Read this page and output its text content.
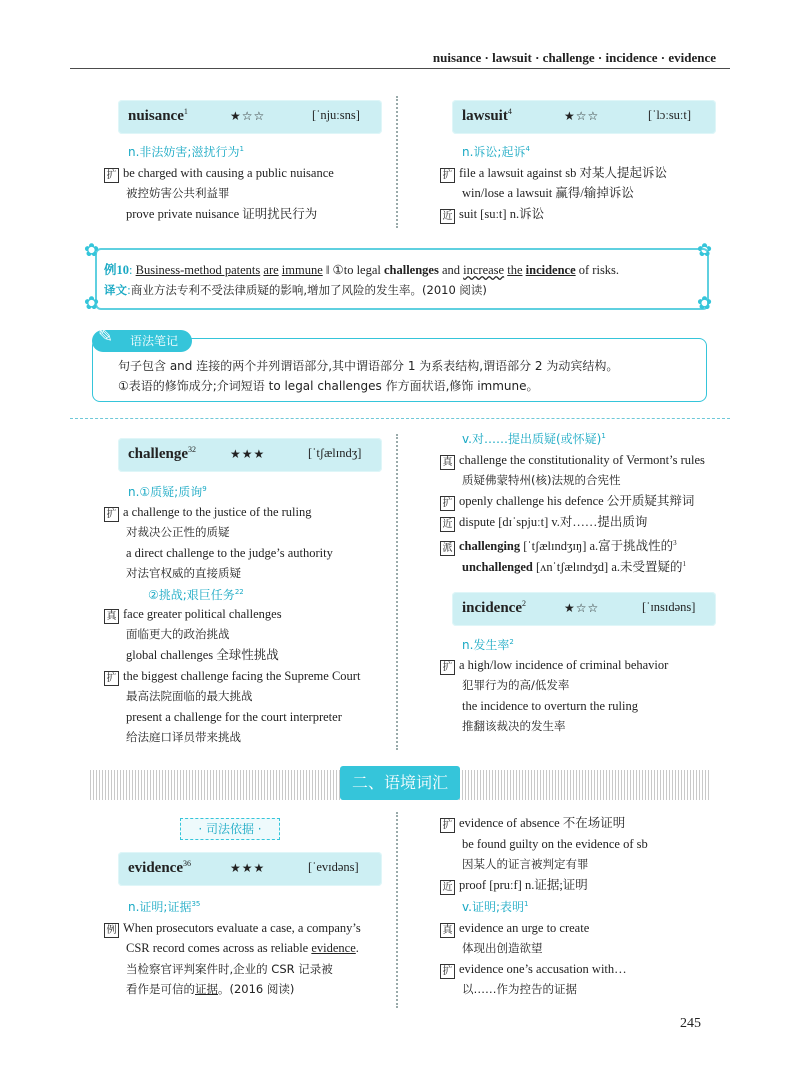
nuisance · lawsuit · challenge · incidence · evidence
nuisance$^1$	★☆☆	[ˈnjuːsns]
n.非法妨害;滋扰行为$^1$
扩 be charged with causing a public nuisance
被控妨害公共利益罪
prove private nuisance 证明扰民行为
lawsuit$^4$	★☆☆	[ˈlɔːsuːt]
n.诉讼;起诉$^4$
扩 file a lawsuit against sb 对某人提起诉讼
win/lose a lawsuit 赢得/输掉诉讼
近 suit [suːt] n.诉讼
✿	✿
✿	✿
例10: Business-method patents are immune ‖ ①to legal challenges and increase the incidence of risks.
译文:商业方法专利不受法律质疑的影响,增加了风险的发生率。(2010 阅读)
语法笔记
✎
句子包含 and 连接的两个并列谓语部分,其中谓语部分 1 为系表结构,谓语部分 2 为动宾结构。
①表语的修饰成分;介词短语 to legal challenges 作方面状语,修饰 immune。
challenge$^{32}$	★★★	[ˈtʃælɪndʒ]
n.①质疑;质询$^9$
扩 a challenge to the justice of the ruling
对裁决公正性的质疑
a direct challenge to the judge’s authority
对法官权威的直接质疑
②挑战;艰巨任务$^{22}$
真 face greater political challenges
面临更大的政治挑战
global challenges 全球性挑战
扩 the biggest challenge facing the Supreme Court
最高法院面临的最大挑战
present a challenge for the court interpreter
给法庭口译员带来挑战
v.对……提出质疑(或怀疑)$^1$
真 challenge the constitutionality of Vermont’s rules
质疑佛蒙特州(核)法规的合宪性
扩 openly challenge his defence 公开质疑其辩词
近 dispute [dɪˈspjuːt] v.对……提出质询
派 challenging [ˈtʃælɪndʒɪŋ] a.富于挑战性的$^3$
unchallenged [ʌnˈtʃælɪndʒd] a.未受置疑的$^1$
incidence$^2$	★☆☆	[ˈɪnsɪdəns]
n.发生率$^2$
扩 a high/low incidence of criminal behavior
犯罪行为的高/低发率
the incidence to overturn the ruling
推翻该裁决的发生率
二、语境词汇
· 司法依据 ·
evidence$^{36}$	★★★	[ˈevɪdəns]
n.证明;证据$^{35}$
例 When prosecutors evaluate a case, a company’s
CSR record comes across as reliable evidence.
当检察官评判案件时,企业的 CSR 记录被
看作是可信的证据。(2016 阅读)
扩 evidence of absence 不在场证明
be found guilty on the evidence of sb
因某人的证言被判定有罪
近 proof [pruːf] n.证据;证明
v.证明;表明$^1$
真 evidence an urge to create
体现出创造欲望
扩 evidence one’s accusation with…
以……作为控告的证据
245
